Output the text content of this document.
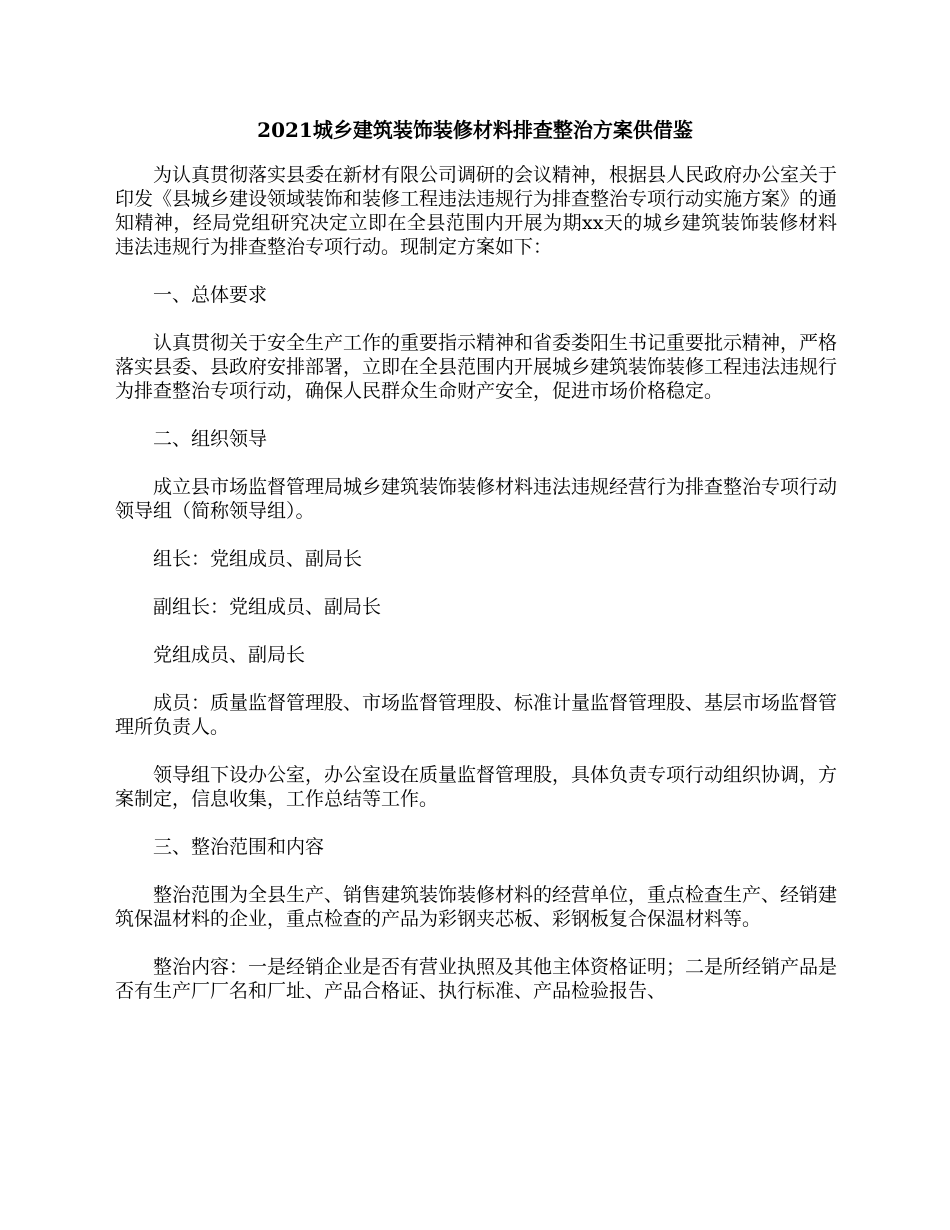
2021城乡建筑装饰装修材料排查整治方案供借鉴

为认真贯彻落实县委在新材有限公司调研的会议精神，根据县人民政府办公室关于印发《县城乡建设领域装饰和装修工程违法违规行为排查整治专项行动实施方案》的通知精神，经局党组研究决定立即在全县范围内开展为期xx天的城乡建筑装饰装修材料违法违规行为排查整治专项行动。现制定方案如下：

一、总体要求

认真贯彻关于安全生产工作的重要指示精神和省委娄阳生书记重要批示精神，严格落实县委、县政府安排部署，立即在全县范围内开展城乡建筑装饰装修工程违法违规行为排查整治专项行动，确保人民群众生命财产安全，促进市场价格稳定。

二、组织领导

成立县市场监督管理局城乡建筑装饰装修材料违法违规经营行为排查整治专项行动领导组（简称领导组）。

组长：党组成员、副局长

副组长：党组成员、副局长

党组成员、副局长

成员：质量监督管理股、市场监督管理股、标准计量监督管理股、基层市场监督管理所负责人。

领导组下设办公室，办公室设在质量监督管理股，具体负责专项行动组织协调，方案制定，信息收集，工作总结等工作。

三、整治范围和内容

整治范围为全县生产、销售建筑装饰装修材料的经营单位，重点检查生产、经销建筑保温材料的企业，重点检查的产品为彩钢夹芯板、彩钢板复合保温材料等。

整治内容：一是经销企业是否有营业执照及其他主体资格证明；二是所经销产品是否有生产厂厂名和厂址、产品合格证、执行标准、产品检验报告、
